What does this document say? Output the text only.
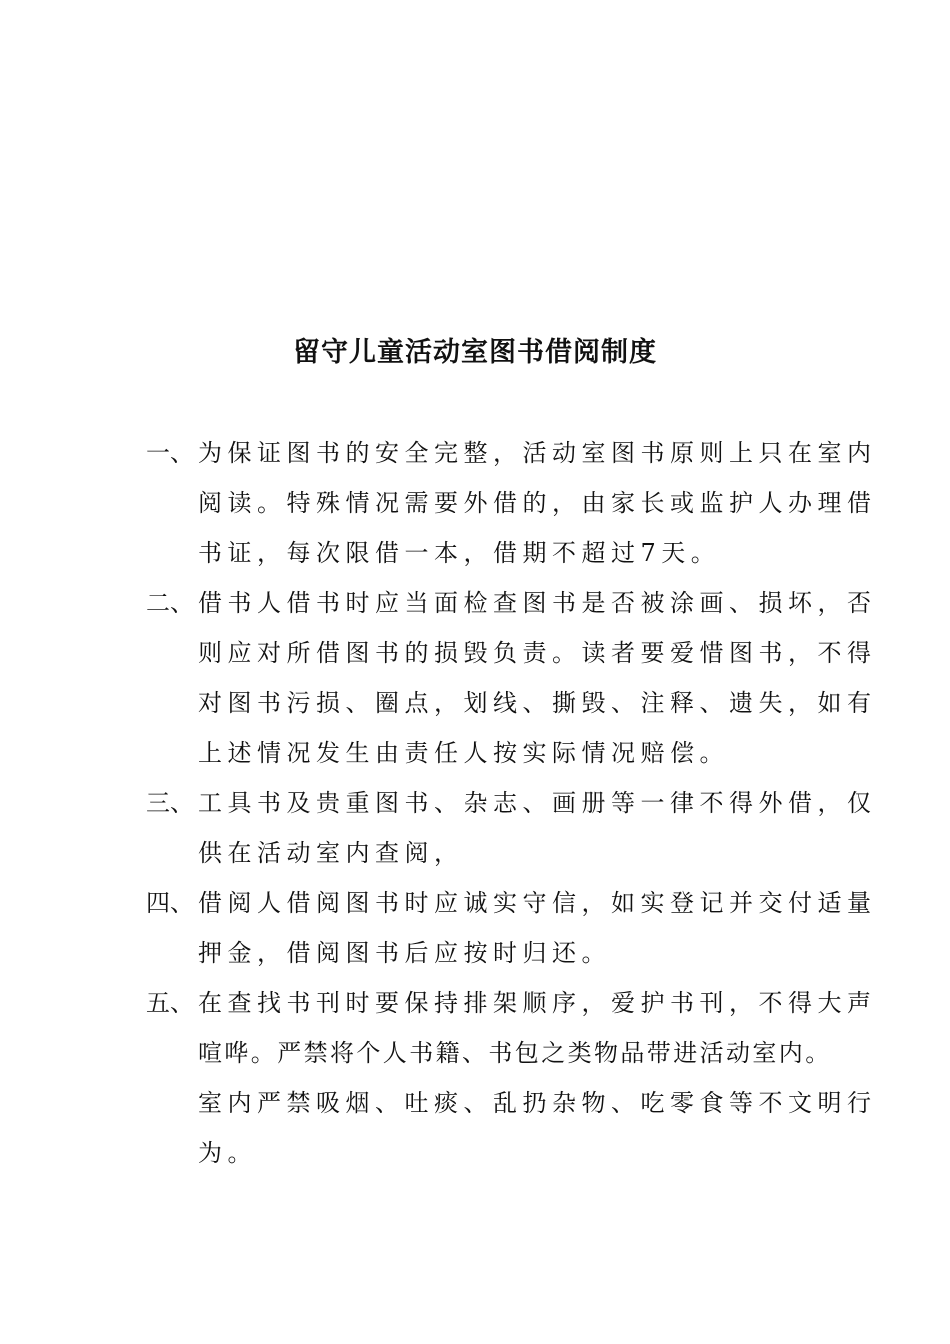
留守儿童活动室图书借阅制度
一、 为保证图书的安全完整，活动室图书原则上只在室内
阅读。特殊情况需要外借的，由家长或监护人办理借
书证，每次限借一本，借期不超过7天。
二、 借书人借书时应当面检查图书是否被涂画、损坏，否
则应对所借图书的损毁负责。读者要爱惜图书，不得
对图书污损、圈点，划线、撕毁、注释、遗失，如有
上述情况发生由责任人按实际情况赔偿。
三、 工具书及贵重图书、杂志、画册等一律不得外借，仅
供在活动室内查阅，
四、 借阅人借阅图书时应诚实守信，如实登记并交付适量
押金，借阅图书后应按时归还。
五、 在查找书刊时要保持排架顺序，爱护书刊，不得大声
喧哗。严禁将个人书籍、书包之类物品带进活动室内。
室内严禁吸烟、吐痰、乱扔杂物、吃零食等不文明行
为。
